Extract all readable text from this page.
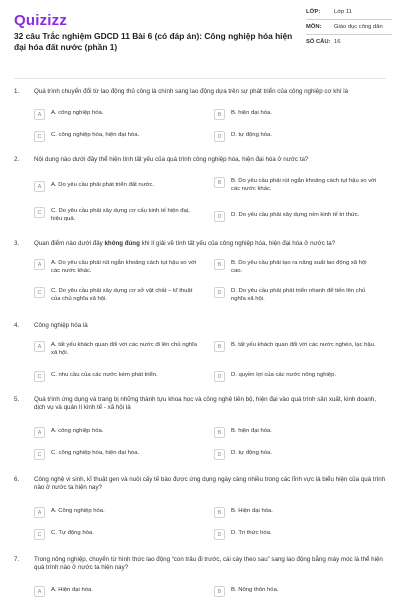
Quizizz
32 câu Trắc nghiệm GDCD 11 Bài 6 (có đáp án): Công nghiệp hóa hiện đại hóa đất nước (phần 1)
LỚP:	Lớp 11
MÔN:	Giáo dục công dân
SỐ CÂU: 16
1. Quá trình chuyển đổi từ lao động thủ công là chính sang lao động dựa trên sự phát triển của công nghiệp cơ khí là
A	A. công nghiệp hóa.	B	B. hiện đại hóa.
C	C. công nghiệp hóa, hiện đại hóa.	D	D. tự động hóa.
2. Nội dung nào dưới đây thể hiện tính tất yếu của quá trình công nghiệp hóa, hiện đại hóa ở nước ta?
A	A. Do yêu cầu phải phát triển đất nước.	B	B. Do yêu cầu phải rút ngắn khoảng cách tụt hậu so với các nước khác.
C	C. Do yêu cầu phải xây dựng cơ cấu kinh tế hiện đại, hiệu quả.	D	D. Do yêu cầu phải xây dựng nền kinh tế tri thức.
3. Quan điểm nào dưới đây không đúng khi lí giải về tính tất yếu của công nghiệp hóa, hiện đại hóa ở nước ta?
A	A. Do yêu cầu phải rút ngắn khoảng cách tụt hậu so với các nước khác.
B	B. Do yêu cầu phải tạo ra năng suất lao động xã hội cao.
C	C. Do yêu cầu phải xây dựng cơ sở vật chất – kĩ thuật của chủ nghĩa xã hội.
D	D. Do yêu cầu phải phát triển nhanh để tiến lên chủ nghĩa xã hội.
4. Công nghiệp hóa là
A	A. tất yếu khách quan đối với các nước đi lên chủ nghĩa xã hội.
B	B. tất yếu khách quan đối với các nước nghèo, lạc hậu.
C	C. nhu cầu của các nước kém phát triển.	D	D. quyền lợi của các nước nông nghiệp.
5. Quá trình ứng dụng và trang bị những thành tựu khoa học và công nghệ tiên bộ, hiện đại vào quá trình sản xuất, kinh doanh, dịch vụ và quản lí kinh tế - xã hội là
A	A. công nghiệp hóa.	B	B. hiện đại hóa.
C	C. công nghiệp hóa, hiện đại hóa.	D	D. tự động hóa.
6. Công nghệ vi sinh, kĩ thuật gen và nuôi cấy tế bào được ứng dụng ngày càng nhiều trong các lĩnh vực là biểu hiện của quá trình nào ở nước ta hiện nay?
A	A. Công nghiệp hóa.	B	B. Hiện đại hóa.
C	C. Tự động hóa.	D	D. Tri thức hóa.
7. Trong nông nghiệp, chuyển từ hình thức lao động “con trâu đi trước, cái cày theo sau” sang lao động bằng máy móc là thể hiện quá trình nào ở nước ta hiện nay?
A	A. Hiện đại hóa.	B	B. Nông thôn hóa.
